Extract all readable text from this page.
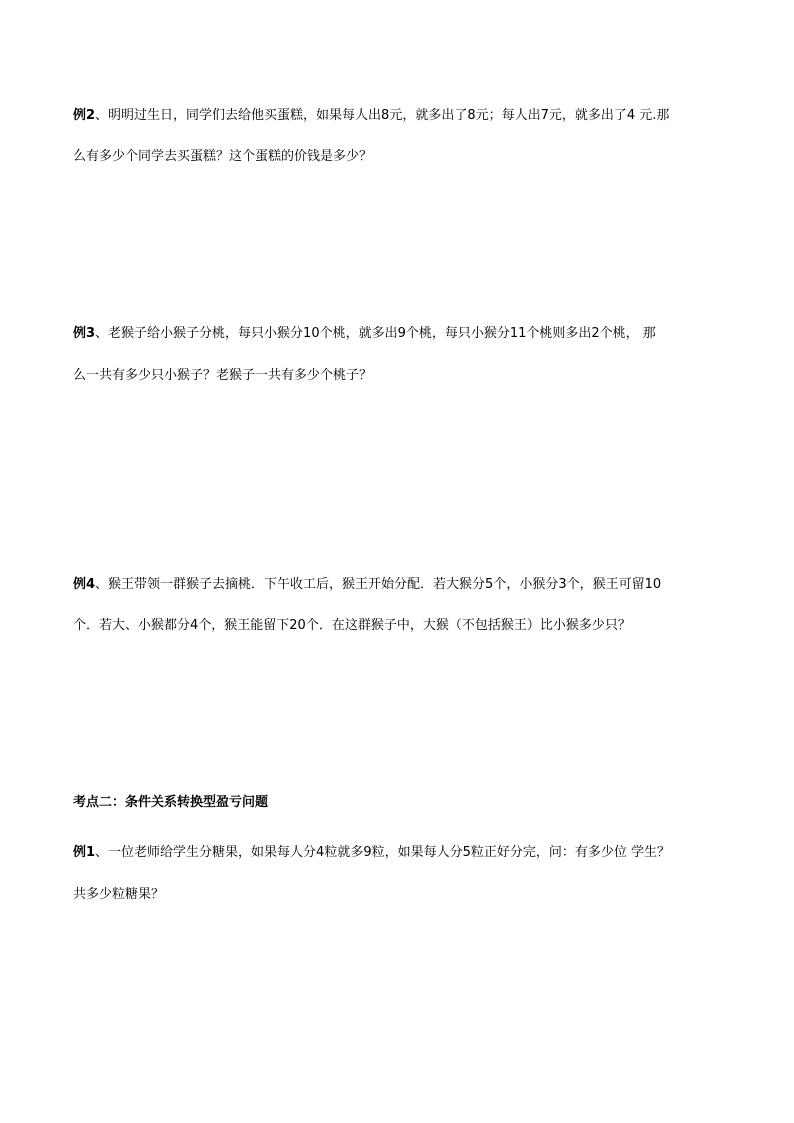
例2、明明过生日，同学们去给他买蛋糕，如果每人出8元，就多出了8元；每人出7元，就多出了4 元.那
么有多少个同学去买蛋糕？这个蛋糕的价钱是多少？
例3、老猴子给小猴子分桃，每只小猴分10个桃，就多出9个桃，每只小猴分11个桃则多出2个桃， 那
么一共有多少只小猴子？老猴子一共有多少个桃子？
例4、猴王带领一群猴子去摘桃．下午收工后，猴王开始分配．若大猴分5个，小猴分3个，猴王可留10
个．若大、小猴都分4个，猴王能留下20个．在这群猴子中，大猴（不包括猴王）比小猴多少只？
考点二：条件关系转换型盈亏问题
例1、一位老师给学生分糖果，如果每人分4粒就多9粒，如果每人分5粒正好分完，问：有多少位 学生？
共多少粒糖果？
